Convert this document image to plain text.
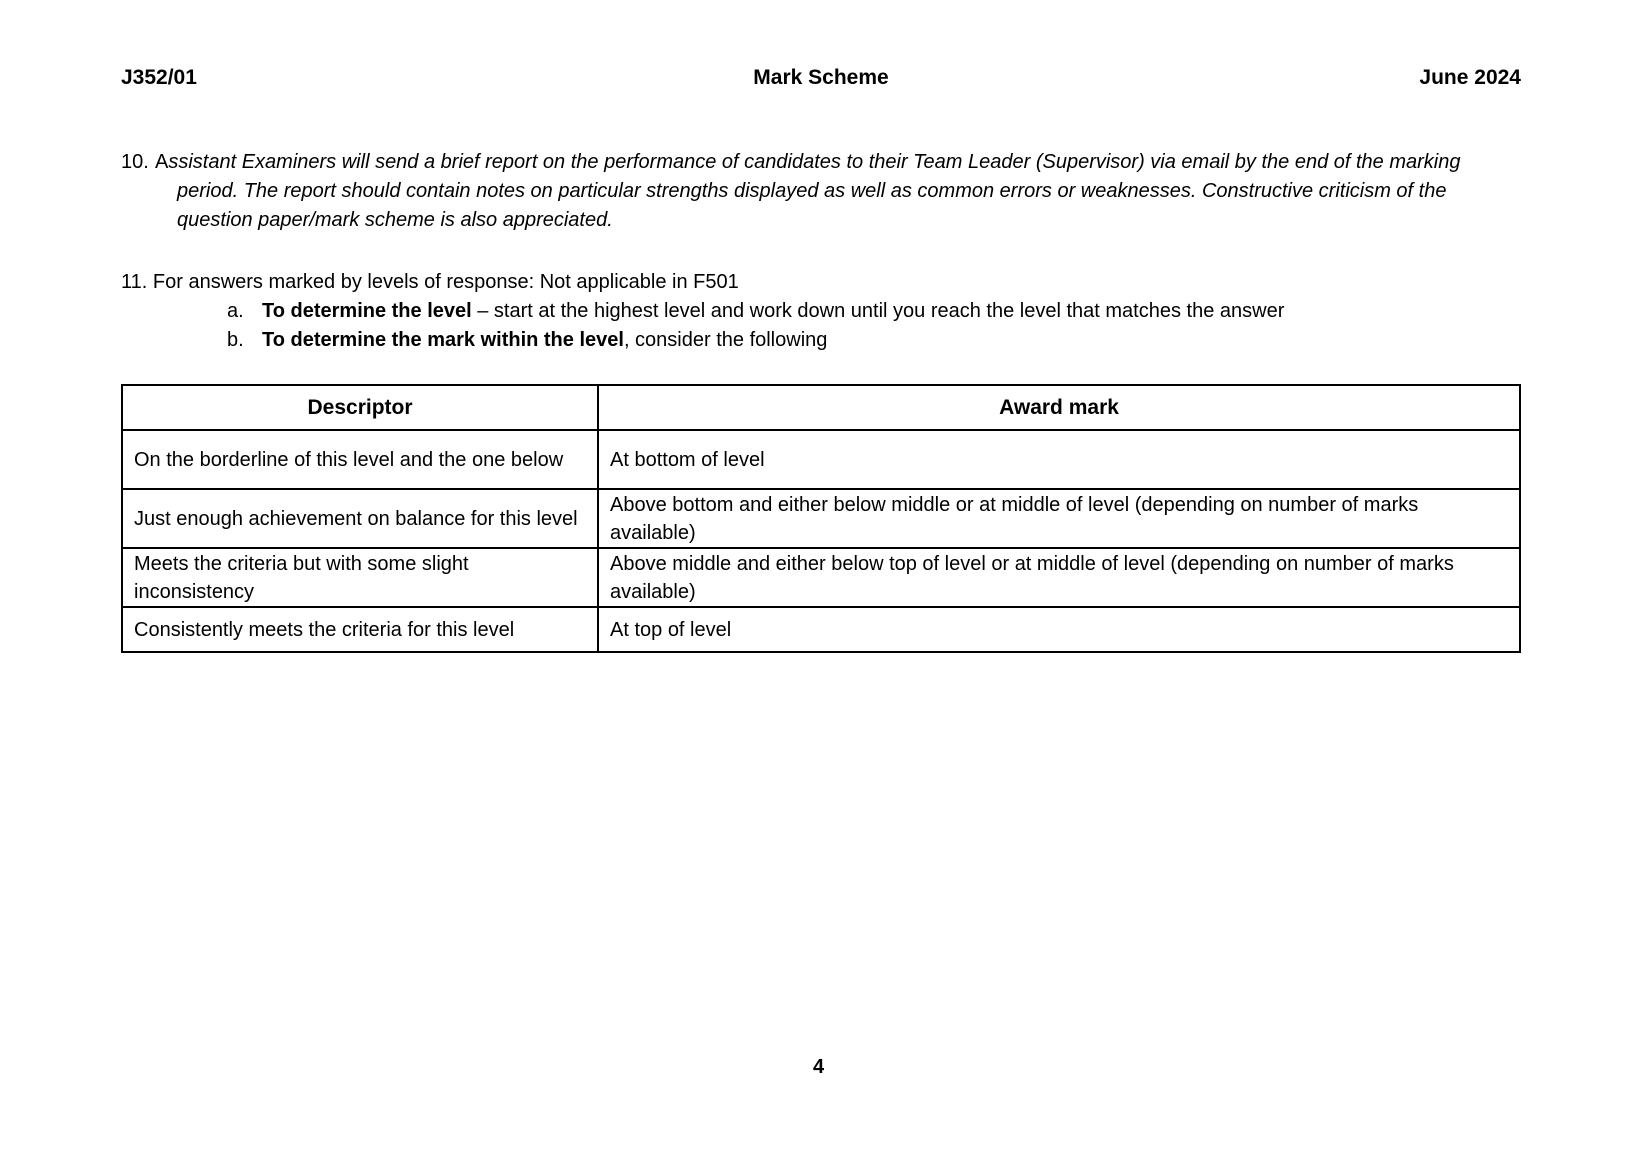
J352/01	Mark Scheme	June 2024
10. Assistant Examiners will send a brief report on the performance of candidates to their Team Leader (Supervisor) via email by the end of the marking period. The report should contain notes on particular strengths displayed as well as common errors or weaknesses. Constructive criticism of the question paper/mark scheme is also appreciated.
11. For answers marked by levels of response: Not applicable in F501
a. To determine the level – start at the highest level and work down until you reach the level that matches the answer
b. To determine the mark within the level, consider the following
Descriptor	Award mark
On the borderline of this level and the one below	At bottom of level
Just enough achievement on balance for this level	Above bottom and either below middle or at middle of level (depending on number of marks available)
Meets the criteria but with some slight inconsistency	Above middle and either below top of level or at middle of level (depending on number of marks available)
Consistently meets the criteria for this level	At top of level
4
